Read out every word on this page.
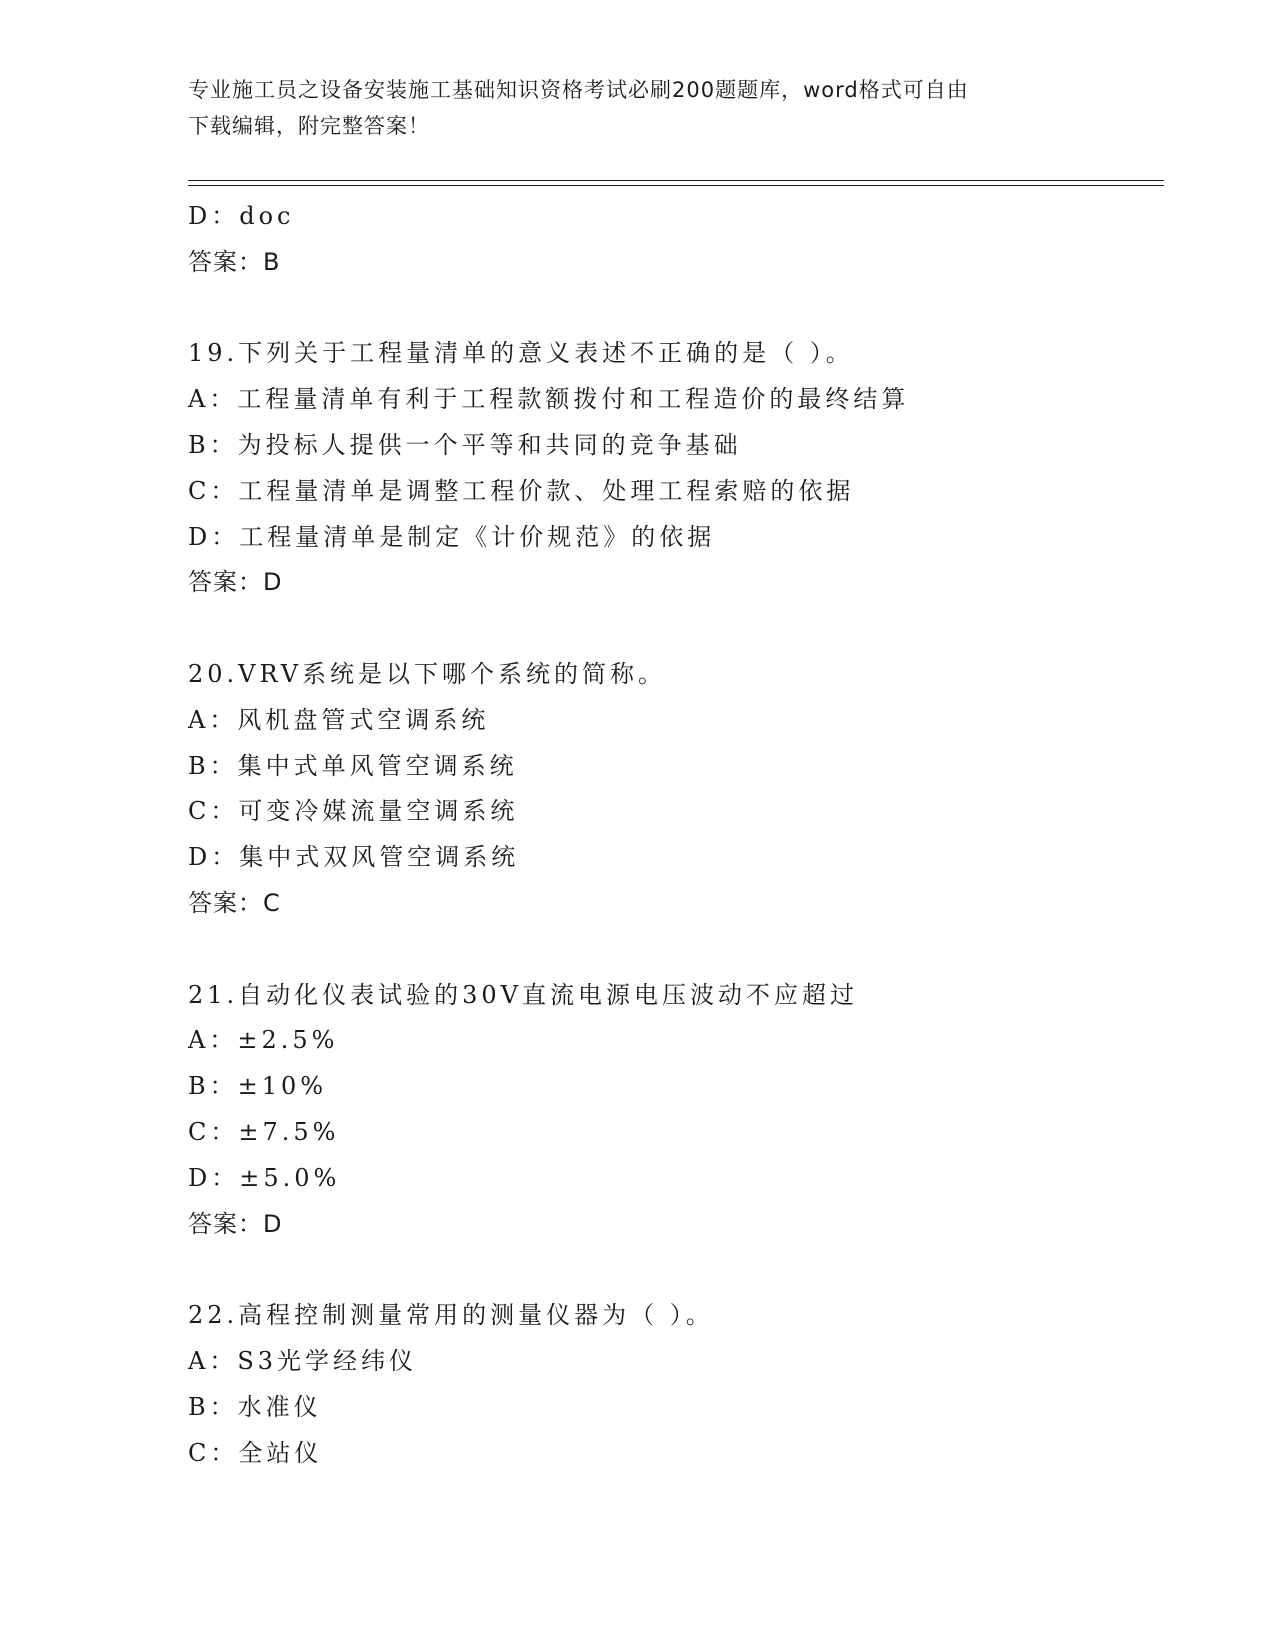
专业施工员之设备安装施工基础知识资格考试必刷200题题库，word格式可自由
下载编辑，附完整答案！
D：doc
答案：B
19.下列关于工程量清单的意义表述不正确的是（ ）。
A：工程量清单有利于工程款额拨付和工程造价的最终结算
B：为投标人提供一个平等和共同的竞争基础
C：工程量清单是调整工程价款、处理工程索赔的依据
D：工程量清单是制定《计价规范》的依据
答案：D
20.VRV系统是以下哪个系统的简称。
A：风机盘管式空调系统
B：集中式单风管空调系统
C：可变冷媒流量空调系统
D：集中式双风管空调系统
答案：C
21.自动化仪表试验的30V直流电源电压波动不应超过
A：±2.5%
B：±10%
C：±7.5%
D：±5.0%
答案：D
22.高程控制测量常用的测量仪器为（ ）。
A：S3光学经纬仪
B：水准仪
C：全站仪
